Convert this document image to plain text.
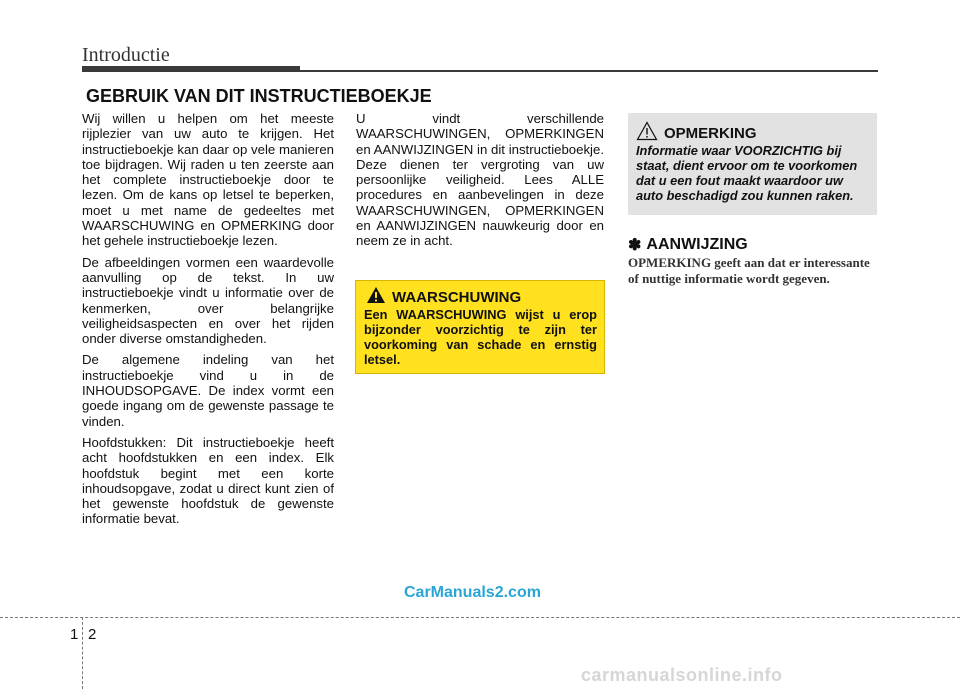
Introductie
GEBRUIK VAN DIT INSTRUCTIEBOEKJE

Wij willen u helpen om het meeste rijplezier van uw auto te krijgen. Het instructieboekje kan daar op vele manieren toe bijdragen. Wij raden u ten zeerste aan het complete instructieboekje door te lezen. Om de kans op letsel te beperken, moet u met name de gedeeltes met WAARSCHUWING en OPMERKING door het gehele instructieboekje lezen.

De afbeeldingen vormen een waardevolle aanvulling op de tekst. In uw instructieboekje vindt u informatie over de kenmerken, over belangrijke veiligheidsaspecten en over het rijden onder diverse omstandigheden.

De algemene indeling van het instructieboekje vind u in de INHOUDSOPGAVE. De index vormt een goede ingang om de gewenste passage te vinden.

Hoofdstukken: Dit instructieboekje heeft acht hoofdstukken en een index. Elk hoofdstuk begint met een korte inhoudsopgave, zodat u direct kunt zien of het gewenste hoofdstuk de gewenste informatie bevat.

U vindt verschillende WAARSCHUWINGEN, OPMERKINGEN en AANWIJZINGEN in dit instructieboekje. Deze dienen ter vergroting van uw persoonlijke veiligheid. Lees ALLE procedures en aanbevelingen in deze WAARSCHUWINGEN, OPMERKINGEN en AANWIJZINGEN nauwkeurig door en neem ze in acht.

WAARSCHUWING
Een WAARSCHUWING wijst u erop bijzonder voorzichtig te zijn ter voorkoming van schade en ernstig letsel.
OPMERKING
Informatie waar VOORZICHTIG bij staat, dient ervoor om te voorkomen dat u een fout maakt waardoor uw auto beschadigd zou kunnen raken.
✽ AANWIJZING
OPMERKING geeft aan dat er interessante of nuttige informatie wordt gegeven.
CarManuals2.com
1 2
carmanualsonline.info
